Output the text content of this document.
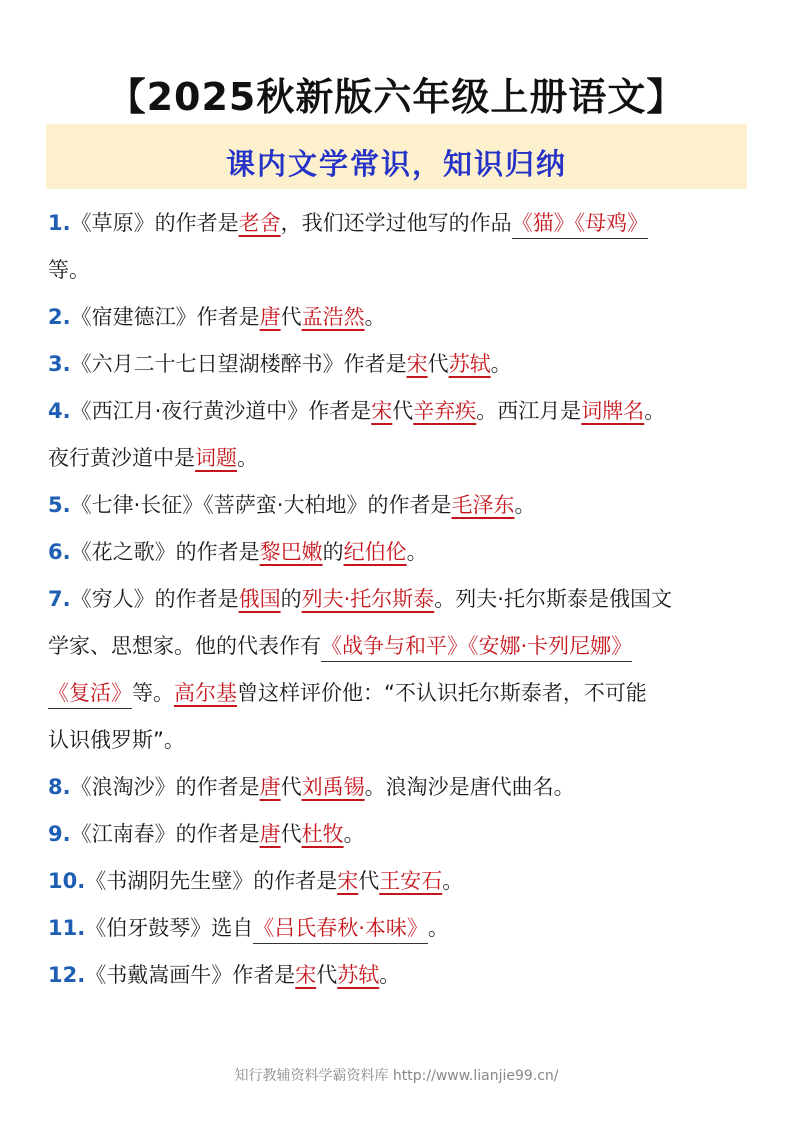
【2025秋新版六年级上册语文】
课内文学常识，知识归纳
1.《草原》的作者是老舍，我们还学过他写的作品《猫》《母鸡》
等。
2.《宿建德江》作者是唐代孟浩然。
3.《六月二十七日望湖楼醉书》作者是宋代苏轼。
4.《西江月·夜行黄沙道中》作者是宋代辛弃疾。西江月是词牌名。
夜行黄沙道中是词题。
5.《七律·长征》《菩萨蛮·大柏地》的作者是毛泽东。
6.《花之歌》的作者是黎巴嫩的纪伯伦。
7.《穷人》的作者是俄国的列夫·托尔斯泰。列夫·托尔斯泰是俄国文
学家、思想家。他的代表作有《战争与和平》《安娜·卡列尼娜》
《复活》等。高尔基曾这样评价他：“不认识托尔斯泰者，不可能
认识俄罗斯”。
8.《浪淘沙》的作者是唐代刘禹锡。浪淘沙是唐代曲名。
9.《江南春》的作者是唐代杜牧。
10.《书湖阴先生壁》的作者是宋代王安石。
11.《伯牙鼓琴》选自《吕氏春秋·本味》。
12.《书戴嵩画牛》作者是宋代苏轼。
知行教辅资料学霸资料库 http://www.lianjie99.cn/
